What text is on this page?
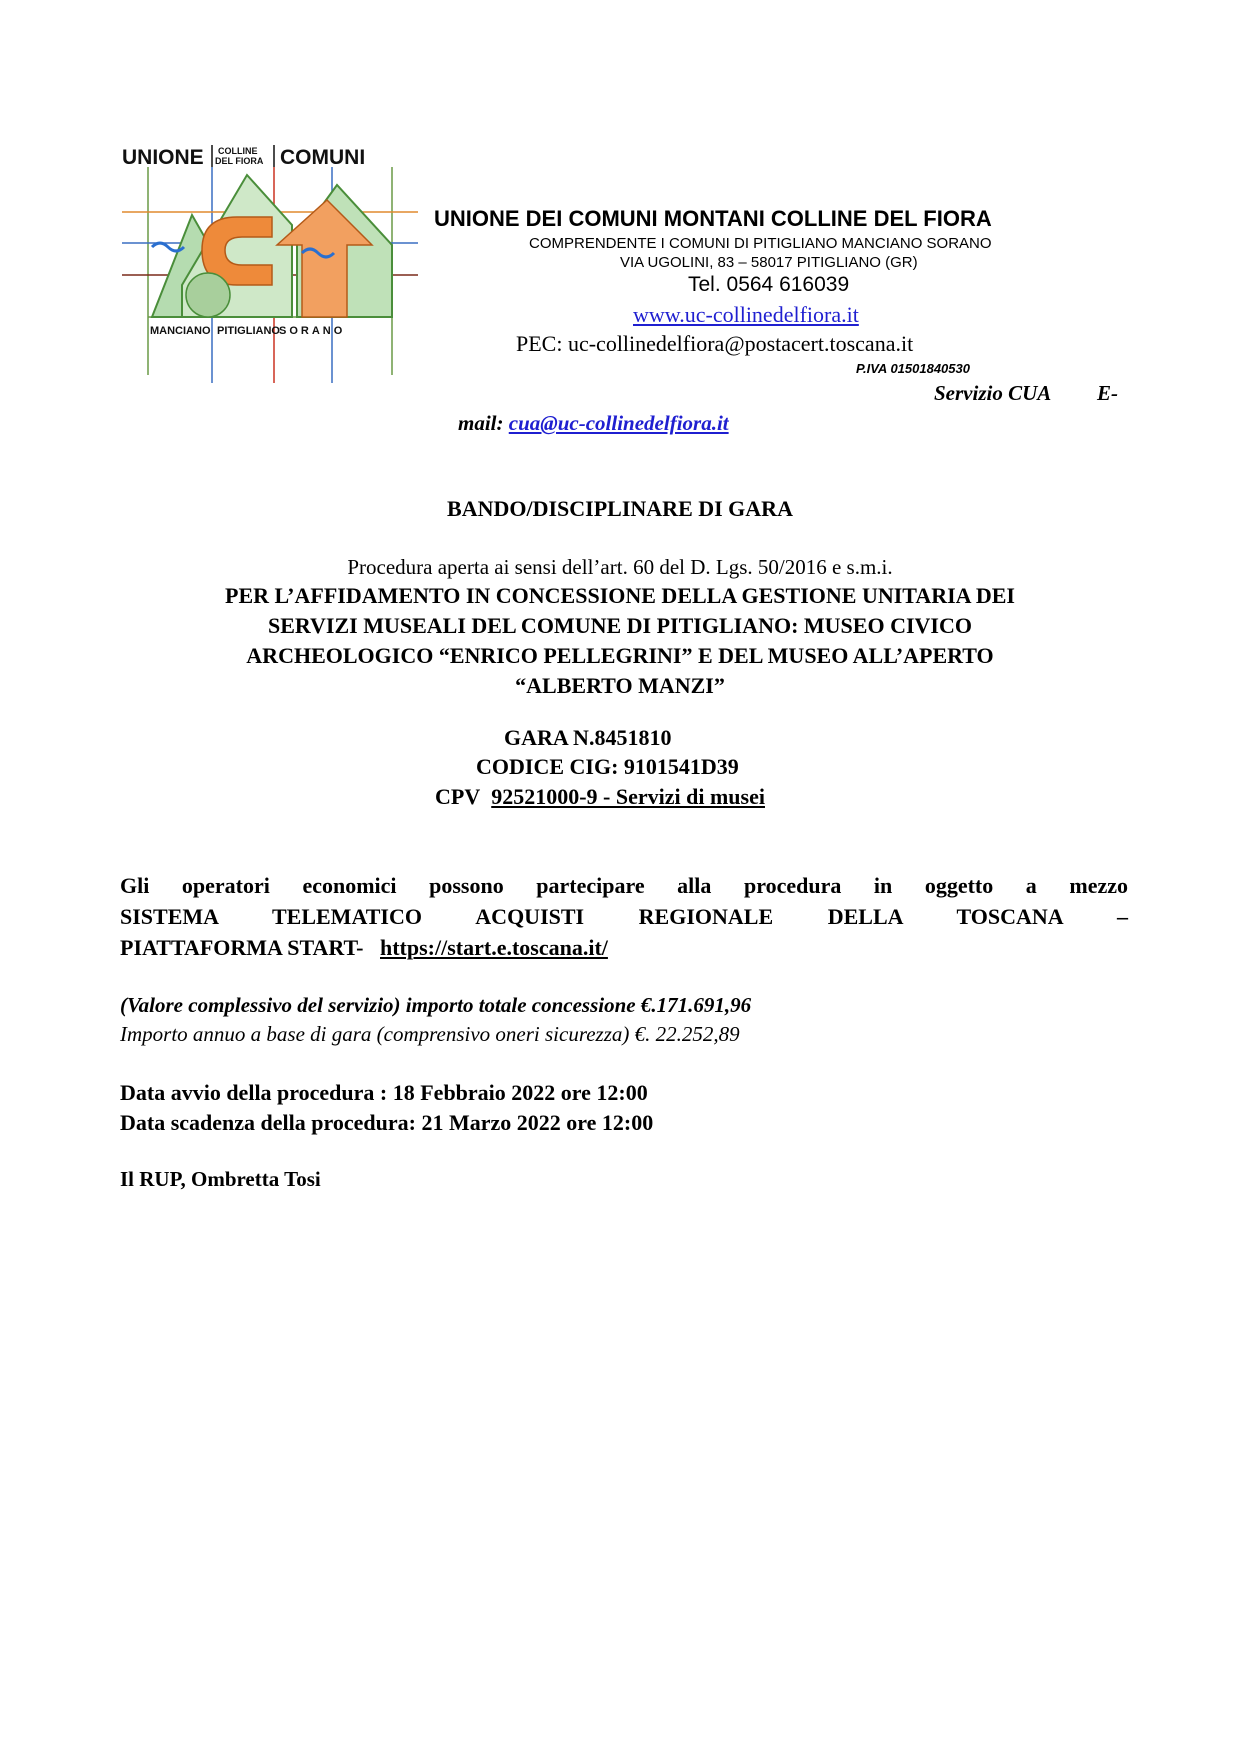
UNIONE COLLINE
DEL FIORA COMUNI
MANCIANO PITIGLIANO SORANO
UNIONE DEI COMUNI MONTANI COLLINE DEL FIORA
COMPRENDENTE I COMUNI DI PITIGLIANO MANCIANO SORANO
VIA UGOLINI, 83 – 58017 PITIGLIANO (GR)
Tel. 0564 616039
www.uc-collinedelfiora.it
PEC: uc-collinedelfiora@postacert.toscana.it
P.IVA 01501840530
Servizio CUA E-
mail: cua@uc-collinedelfiora.it
BANDO/DISCIPLINARE DI GARA
Procedura aperta ai sensi dell’art. 60 del D. Lgs. 50/2016 e s.m.i.
PER L’AFFIDAMENTO IN CONCESSIONE DELLA GESTIONE UNITARIA DEI
SERVIZI MUSEALI DEL COMUNE DI PITIGLIANO: MUSEO CIVICO
ARCHEOLOGICO “ENRICO PELLEGRINI” E DEL MUSEO ALL’APERTO
“ALBERTO MANZI”
GARA N.8451810
CODICE CIG: 9101541D39
CPV 92521000-9 - Servizi di musei
Gli operatori economici possono partecipare alla procedura in oggetto a mezzo
SISTEMA TELEMATICO ACQUISTI REGIONALE DELLA TOSCANA –
PIATTAFORMA START- https://start.e.toscana.it/
(Valore complessivo del servizio) importo totale concessione €.171.691,96
Importo annuo a base di gara (comprensivo oneri sicurezza) €. 22.252,89
Data avvio della procedura : 18 Febbraio 2022 ore 12:00
Data scadenza della procedura: 21 Marzo 2022 ore 12:00
Il RUP, Ombretta Tosi
